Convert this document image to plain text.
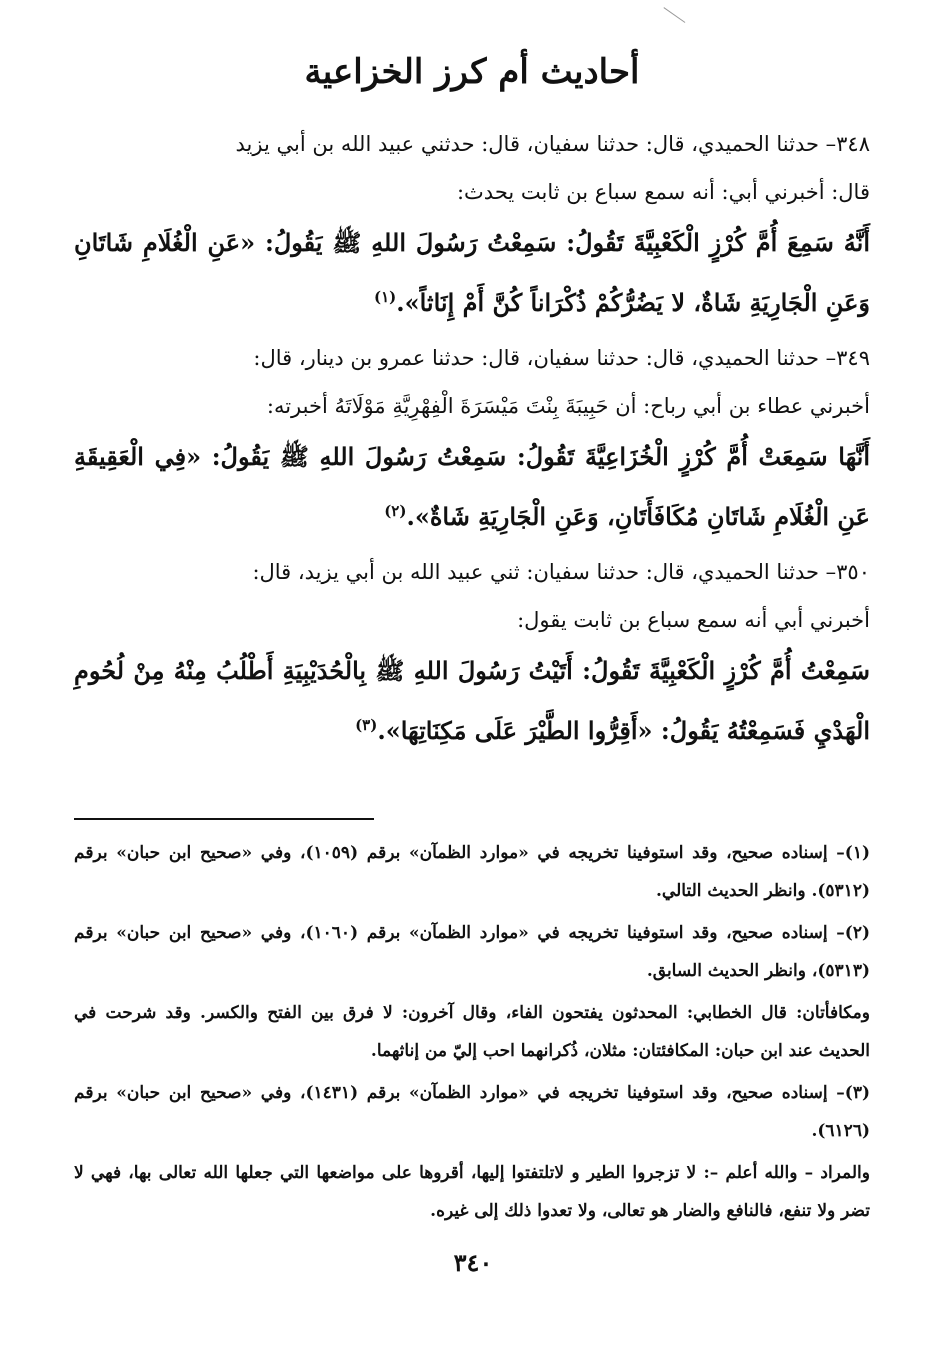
أحاديث أم كرز الخزاعية

٣٤٨– حدثنا الحميدي، قال: حدثنا سفيان، قال: حدثني عبيد الله بن أبي يزيد

قال: أخبرني أبي: أنه سمع سباع بن ثابت يحدث:

أَنَّهُ سَمِعَ أُمَّ كُرْزٍ الْكَعْبِيَّةَ تَقُولُ: سَمِعْتُ رَسُولَ اللهِ ﷺ يَقُولُ: «عَنِ الْغُلَامِ شَاتَانِ وَعَنِ الْجَارِيَةِ شَاةٌ، لا يَضُرُّكُمْ ذُكْرَاناً كُنَّ أَمْ إِنَاثاً».$^{(١)}$

٣٤٩– حدثنا الحميدي، قال: حدثنا سفيان، قال: حدثنا عمرو بن دينار، قال:

أخبرني عطاء بن أبي رباح: أن حَبِيبَةَ بِنْتَ مَيْسَرَةَ الْفِهْرِيَّةِ مَوْلَاتَهُ أخبرته:

أَنَّهَا سَمِعَتْ أُمَّ كُرْزٍ الْخُزَاعِيَّةَ تَقُولُ: سَمِعْتُ رَسُولَ اللهِ ﷺ يَقُولُ: «فِي الْعَقِيقَةِ عَنِ الْغُلَامِ شَاتَانِ مُكَافَأَتَانِ، وَعَنِ الْجَارِيَةِ شَاةٌ».$^{(٢)}$

٣٥٠– حدثنا الحميدي، قال: حدثنا سفيان: ثني عبيد الله بن أبي يزيد، قال:

أخبرني أبي أنه سمع سباع بن ثابت يقول:

سَمِعْتُ أُمَّ كُرْزٍ الْكَعْبِيَّةَ تَقُولُ: أَتَيْتُ رَسُولَ اللهِ ﷺ بِالْحُدَيْبِيَةِ أَطْلُبُ مِنْهُ مِنْ لُحُومِ الْهَدْيِ فَسَمِعْتُهُ يَقُولُ: «أَقِرُّوا الطَّيْرَ عَلَى مَكِنَاتِهَا».$^{(٣)}$

(١)– إسناده صحيح، وقد استوفينا تخريجه في «موارد الظمآن» برقم (١٠٥٩)، وفي «صحيح ابن حبان» برقم (٥٣١٢). وانظر الحديث التالي.

(٢)– إسناده صحيح، وقد استوفينا تخريجه في «موارد الظمآن» برقم (١٠٦٠)، وفي «صحيح ابن حبان» برقم (٥٣١٣)، وانظر الحديث السابق.

ومكافأتان: قال الخطابي: المحدثون يفتحون الفاء، وقال آخرون: لا فرق بين الفتح والكسر. وقد شرحت في الحديث عند ابن حبان: المكافئتان: مثلان، ذُكرانهما احب إليّ من إناثهما.

(٣)– إسناده صحيح، وقد استوفينا تخريجه في «موارد الظمآن» برقم (١٤٣١)، وفي «صحيح ابن حبان» برقم (٦١٢٦).

والمراد – والله أعلم –: لا تزجروا الطير و لاتلتفتوا إليها، أقروها على مواضعها التي جعلها الله تعالى بها، فهي لا تضر ولا تنفع، فالنافع والضار هو تعالى، ولا تعدوا ذلك إلى غيره.

٣٤٠
